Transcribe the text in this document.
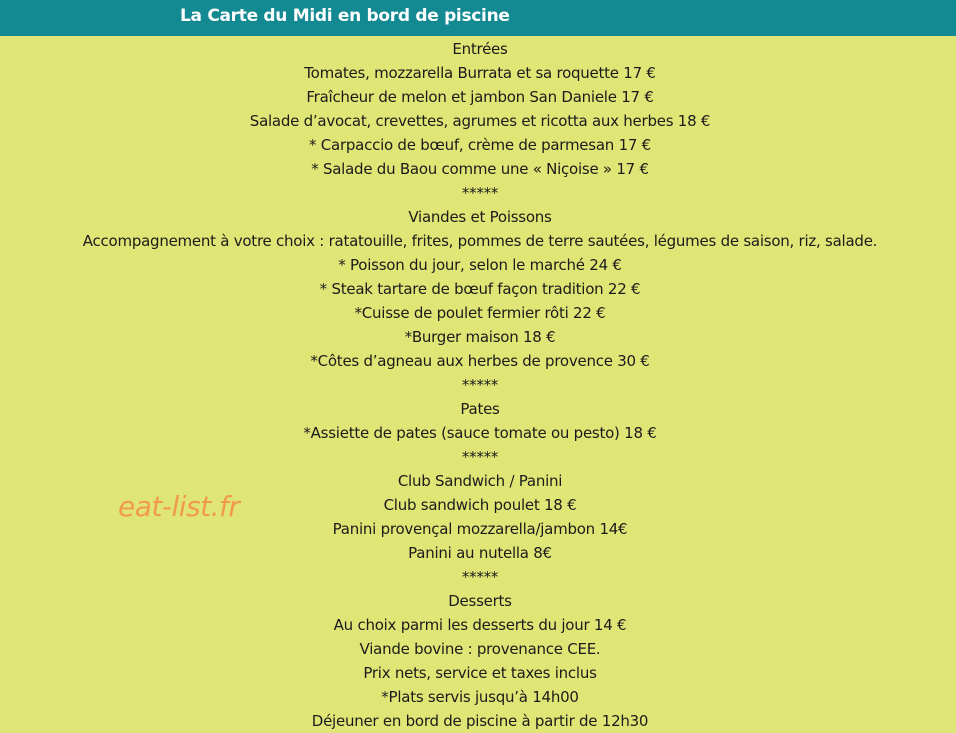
La Carte du Midi en bord de piscine
Entrées
Tomates, mozzarella Burrata et sa roquette 17 €
Fraîcheur de melon et jambon San Daniele 17 €
Salade d’avocat, crevettes, agrumes et ricotta aux herbes 18 €
* Carpaccio de bœuf, crème de parmesan 17 €
* Salade du Baou comme une « Niçoise » 17 €
*****
Viandes et Poissons
Accompagnement à votre choix : ratatouille, frites, pommes de terre sautées, légumes de saison, riz, salade.
* Poisson du jour, selon le marché 24 €
* Steak tartare de bœuf façon tradition 22 €
*Cuisse de poulet fermier rôti 22 €
*Burger maison 18 €
*Côtes d’agneau aux herbes de provence 30 €
*****
Pates
*Assiette de pates (sauce tomate ou pesto) 18 €
*****
Club Sandwich / Panini
Club sandwich poulet 18 €
Panini provençal mozzarella/jambon 14€
Panini au nutella 8€
*****
Desserts
Au choix parmi les desserts du jour 14 €
Viande bovine : provenance CEE.
Prix nets, service et taxes inclus
*Plats servis jusqu’à 14h00
Déjeuner en bord de piscine à partir de 12h30
eat-list.fr
